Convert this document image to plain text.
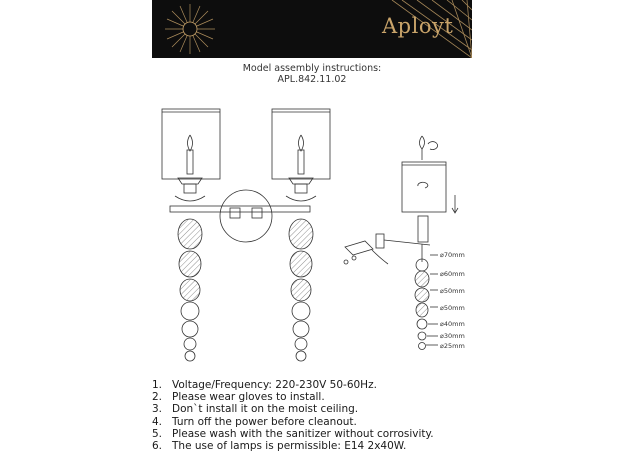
Aployt
Model assembly instructions:
APL.842.11.02
⌀70mm
⌀60mm
⌀50mm
⌀50mm
⌀40mm
⌀30mm
⌀25mm
1. Voltage/Frequency: 220-230V 50-60Hz.
2. Please wear gloves to install.
3. Don`t install it on the moist ceiling.
4. Turn off the power before cleanout.
5. Please wash with the sanitizer without corrosivity.
6. The use of lamps is permissible: E14 2x40W.
